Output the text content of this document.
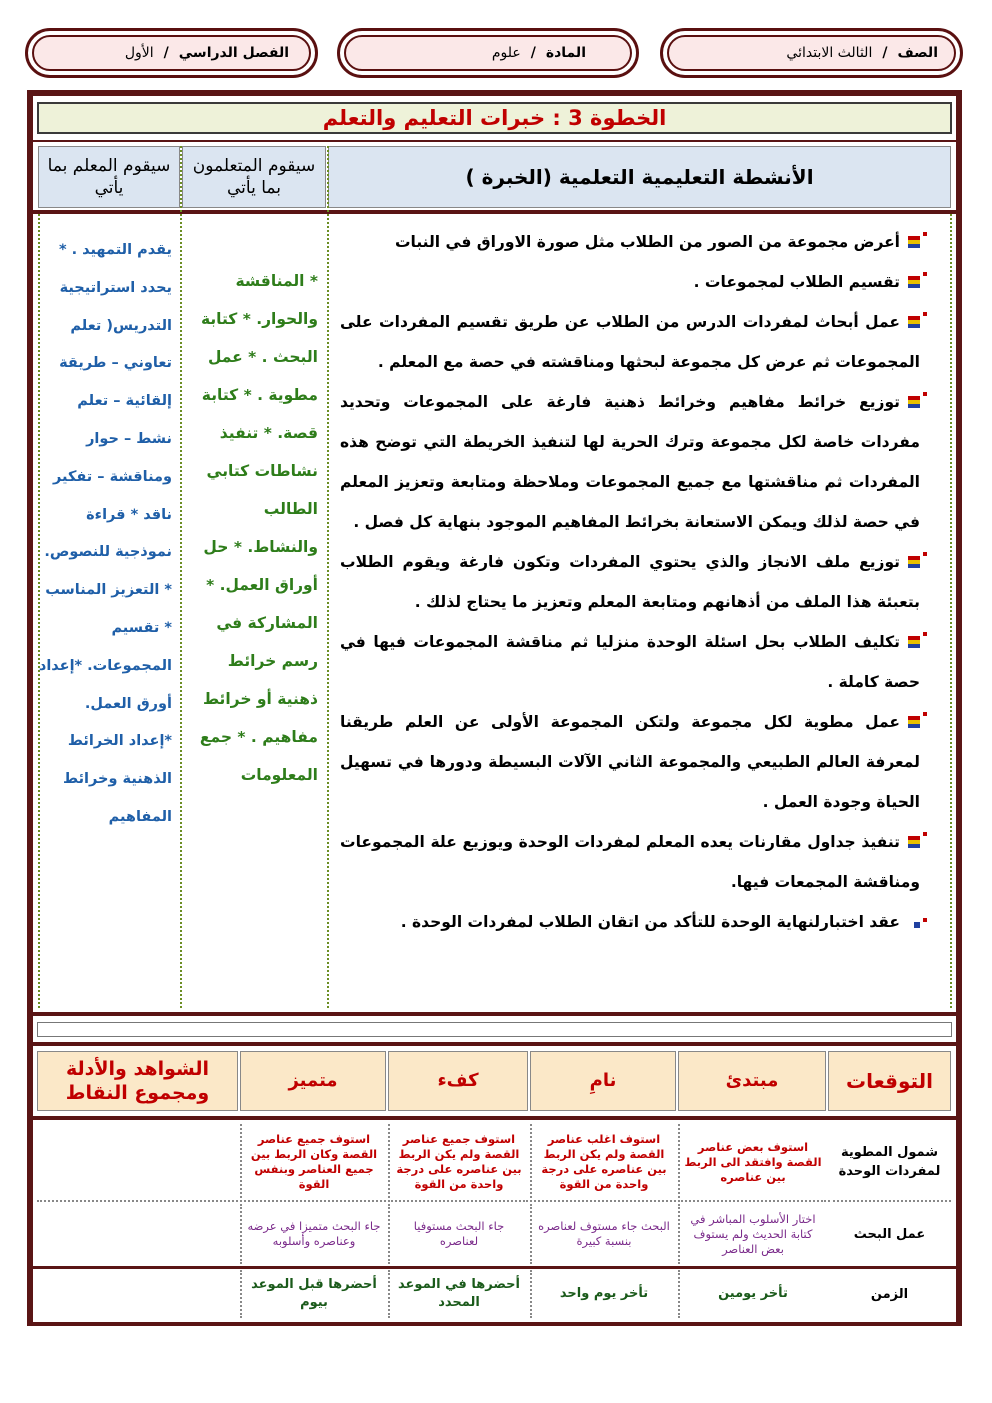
الصف
/
الثالث الابتدائي
المادة
/
علوم
الفصل الدراسي
/
الأول
الخطوة 3 : خبرات التعليم والتعلم
الأنشطة التعليمية التعلمية (الخبرة )
سيقوم المتعلمون بما يأتي
سيقوم المعلم بما يأتي
أعرض مجموعة من الصور من الطلاب مثل صورة الاوراق في النبات
تقسيم الطلاب لمجموعات .
عمل أبحاث لمفردات الدرس من الطلاب عن طريق تقسيم المفردات على المجموعات ثم عرض كل مجموعة لبحثها ومناقشته في حصة مع المعلم .
توزيع خرائط مفاهيم وخرائط ذهنية فارغة على المجموعات وتحديد مفردات خاصة لكل مجموعة وترك الحرية لها لتنفيذ الخريطة التي توضح هذه المفردات ثم مناقشتها مع جميع المجموعات وملاحظة ومتابعة وتعزيز المعلم في حصة لذلك ويمكن الاستعانة بخرائط المفاهيم الموجود بنهاية كل فصل .
توزيع ملف الانجاز والذي يحتوي المفردات وتكون فارغة ويقوم الطلاب بتعبئة هذا الملف من أذهانهم ومتابعة المعلم وتعزيز ما يحتاج لذلك .
تكليف الطلاب بحل اسئلة الوحدة منزليا ثم مناقشة المجموعات فيها في حصة كاملة .
عمل مطوية لكل مجموعة ولتكن المجموعة الأولى عن العلم طريقنا لمعرفة العالم الطبيعي والمجموعة الثاني الآلات البسيطة ودورها في تسهيل الحياة وجودة العمل .
تنفيذ جداول مقارنات يعده المعلم لمفردات الوحدة ويوزيع علة المجموعات ومناقشة المجمعات فيها.
عقد اختبارلنهاية الوحدة للتأكد من اتقان الطلاب لمفردات الوحدة .
* المناقشة والحوار. * كتابة البحث . * عمل مطوية . * كتابة قصة. * تنفيذ نشاطات كتابي الطالب والنشاط. * حل أوراق العمل. * المشاركة في رسم خرائط ذهنية أو خرائط مفاهيم . * جمع المعلومات
يقدم التمهيد . * يحدد استراتيجية التدريس( تعلم تعاوني – طريقة إلقائية – تعلم نشط – حوار ومناقشة – تفكير ناقد * قراءة نموذجية للنصوص. * التعزيز المناسب * تقسيم المجموعات. *إعداد أورق العمل. *إعداد الخرائط الذهنية وخرائط المفاهيم
التوقعات
مبتدئ
نامِ
كفء
متميز
الشواهد والأدلة ومجموع النقاط
شمول المطوية لمفردات الوحدة
استوف بعض عناصر القصة وافتقد الى الربط بين عناصره
استوف اغلب عناصر القصة ولم يكن الربط بين عناصره على درجة واحدة من القوة
استوف جميع عناصر القصة ولم يكن الربط بين عناصره على درجة واحدة من القوة
استوف جميع عناصر القصة وكان الربط بين جميع العناصر وبنفس القوة
عمل البحث
اختار الأسلوب المباشر في كتابة الحديث ولم يستوف بعض العناصر
البحث جاء مستوف لعناصره بنسبة كبيرة
جاء البحث مستوفيا لعناصره
جاء البحث متميزا في عرضه وعناصره وأسلوبه
الزمن
تأخر يومين
تأخر يوم واحد
أحضرها في الموعد المحدد
أحضرها قبل الموعد بيوم
